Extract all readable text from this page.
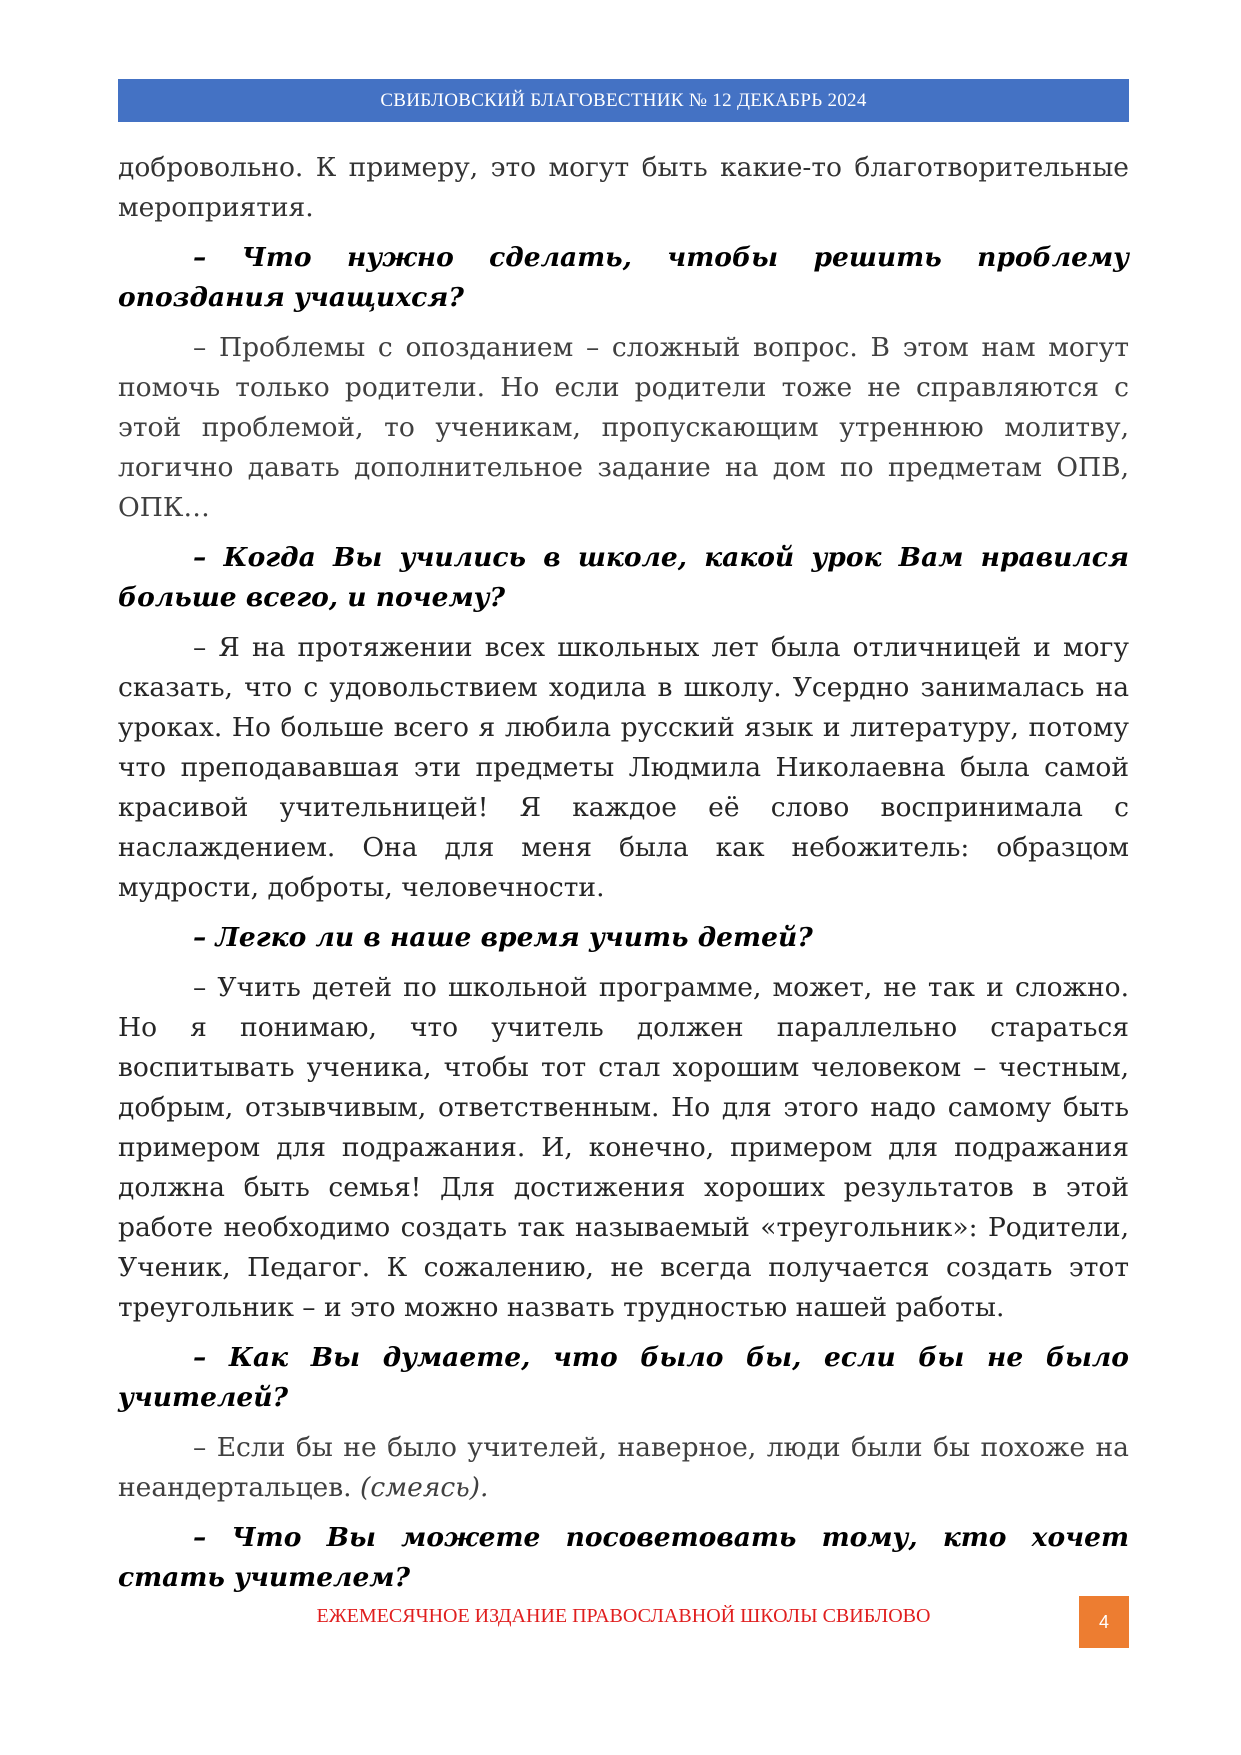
СВИБЛОВСКИЙ БЛАГОВЕСТНИК № 12 ДЕКАБРЬ 2024

добровольно. К примеру, это могут быть какие-то благотворительные мероприятия.

– Что нужно сделать, чтобы решить проблему опоздания учащихся?

– Проблемы с опозданием – сложный вопрос. В этом нам могут помочь только родители. Но если родители тоже не справляются с этой проблемой, то ученикам, пропускающим утреннюю молитву, логично давать дополнительное задание на дом по предметам ОПВ, ОПК…

– Когда Вы учились в школе, какой урок Вам нравился больше всего, и почему?

– Я на протяжении всех школьных лет была отличницей и могу сказать, что с удовольствием ходила в школу. Усердно занималась на уроках. Но больше всего я любила русский язык и литературу, потому что преподававшая эти предметы Людмила Николаевна была самой красивой учительницей! Я каждое её слово воспринимала с наслаждением. Она для меня была как небожитель: образцом мудрости, доброты, человечности.

– Легко ли в наше время учить детей?

– Учить детей по школьной программе, может, не так и сложно. Но я понимаю, что учитель должен параллельно стараться воспитывать ученика, чтобы тот стал хорошим человеком – честным, добрым, отзывчивым, ответственным. Но для этого надо самому быть примером для подражания. И, конечно, примером для подражания должна быть семья! Для достижения хороших результатов в этой работе необходимо создать так называемый «треугольник»: Родители, Ученик, Педагог. К сожалению, не всегда получается создать этот треугольник – и это можно назвать трудностью нашей работы.

– Как Вы думаете, что было бы, если бы не было учителей?

– Если бы не было учителей, наверное, люди были бы похоже на неандертальцев. (смеясь).

– Что Вы можете посоветовать тому, кто хочет стать учителем?

ЕЖЕМЕСЯЧНОЕ ИЗДАНИЕ ПРАВОСЛАВНОЙ ШКОЛЫ СВИБЛОВО	4
